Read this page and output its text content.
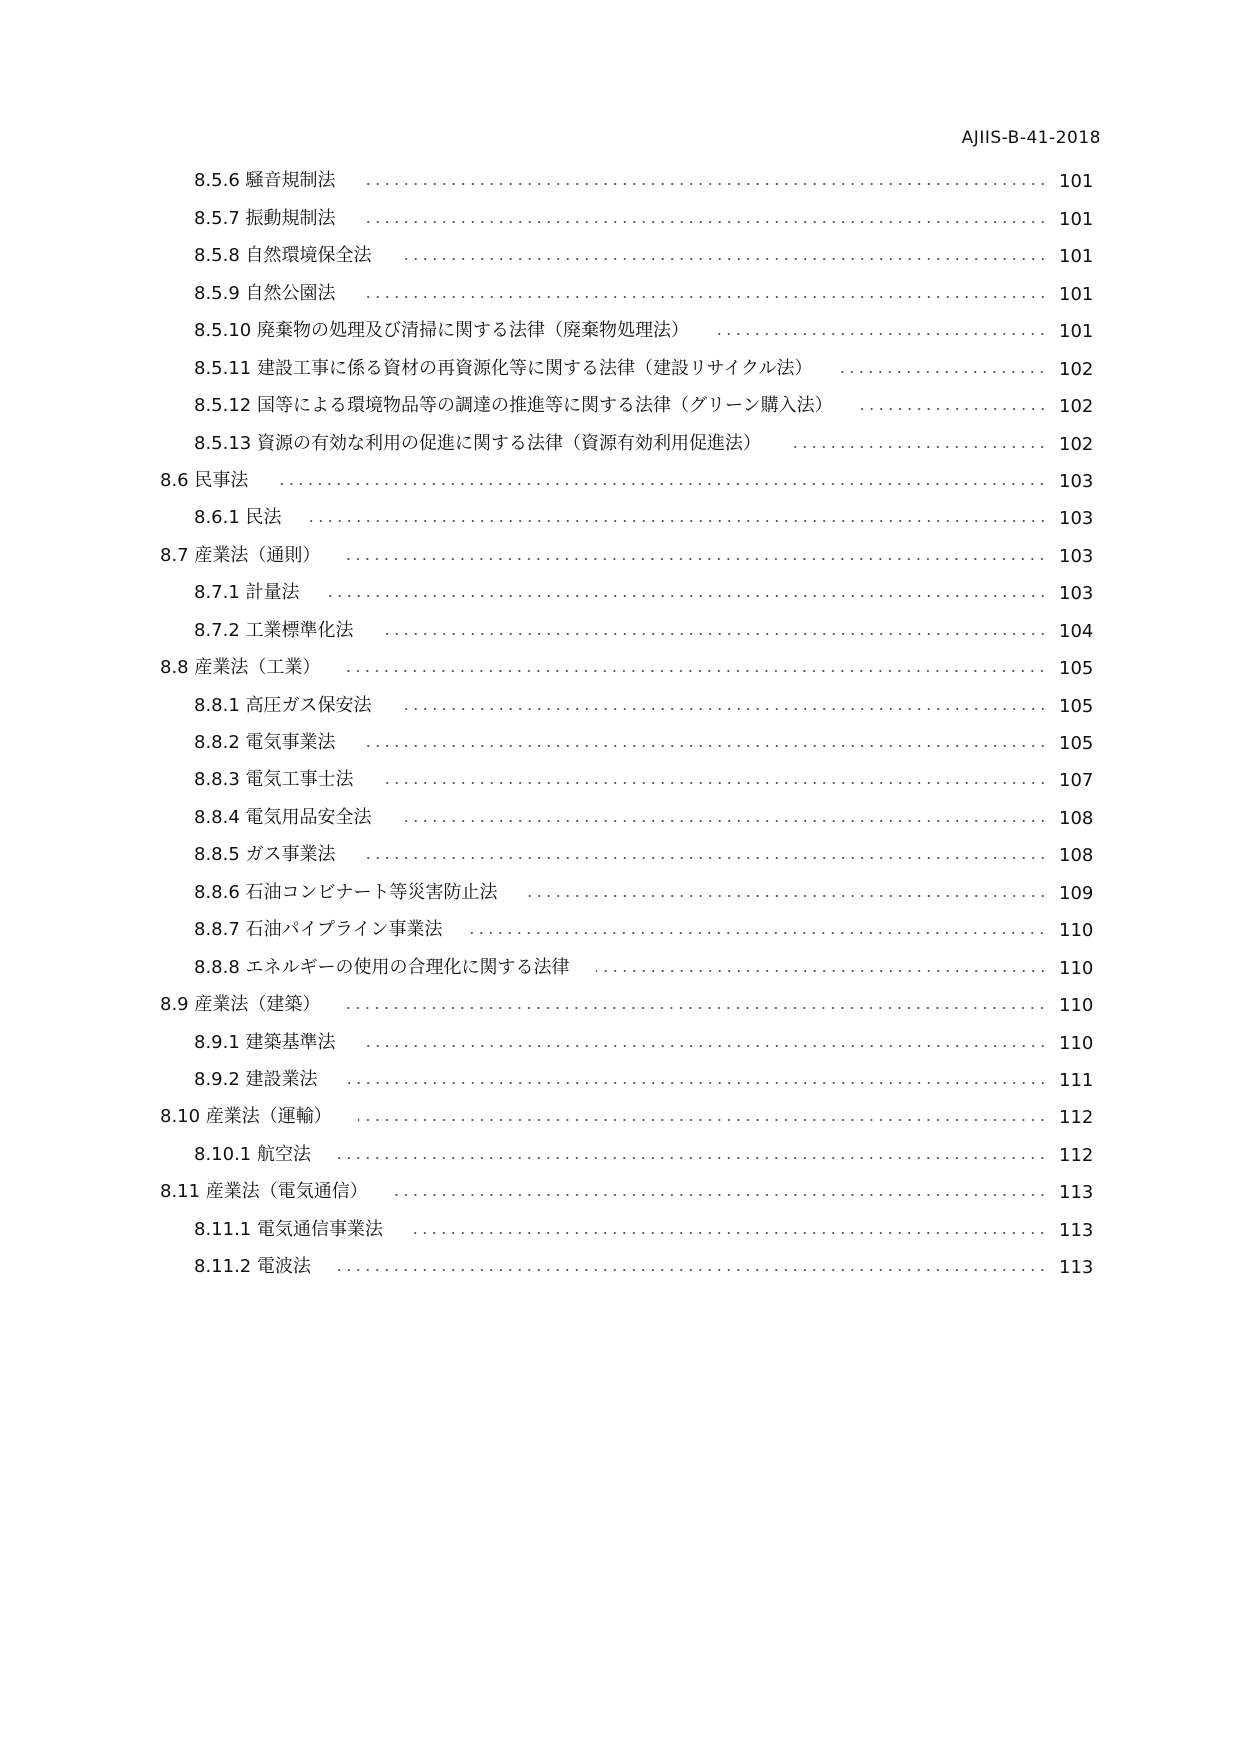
AJIIS-B-41-2018
8.5.6 騒音規制法	101
8.5.7 振動規制法	101
8.5.8 自然環境保全法	101
8.5.9 自然公園法	101
8.5.10 廃棄物の処理及び清掃に関する法律（廃棄物処理法）	101
8.5.11 建設工事に係る資材の再資源化等に関する法律（建設リサイクル法）	102
8.5.12 国等による環境物品等の調達の推進等に関する法律（グリーン購入法）	102
8.5.13 資源の有効な利用の促進に関する法律（資源有効利用促進法）	102
8.6 民事法	103
8.6.1 民法	103
8.7 産業法（通則）	103
8.7.1 計量法	103
8.7.2 工業標準化法	104
8.8 産業法（工業）	105
8.8.1 高圧ガス保安法	105
8.8.2 電気事業法	105
8.8.3 電気工事士法	107
8.8.4 電気用品安全法	108
8.8.5 ガス事業法	108
8.8.6 石油コンビナート等災害防止法	109
8.8.7 石油パイプライン事業法	110
8.8.8 エネルギーの使用の合理化に関する法律	110
8.9 産業法（建築）	110
8.9.1 建築基準法	110
8.9.2 建設業法	111
8.10 産業法（運輸）	112
8.10.1 航空法	112
8.11 産業法（電気通信）	113
8.11.1 電気通信事業法	113
8.11.2 電波法	113
